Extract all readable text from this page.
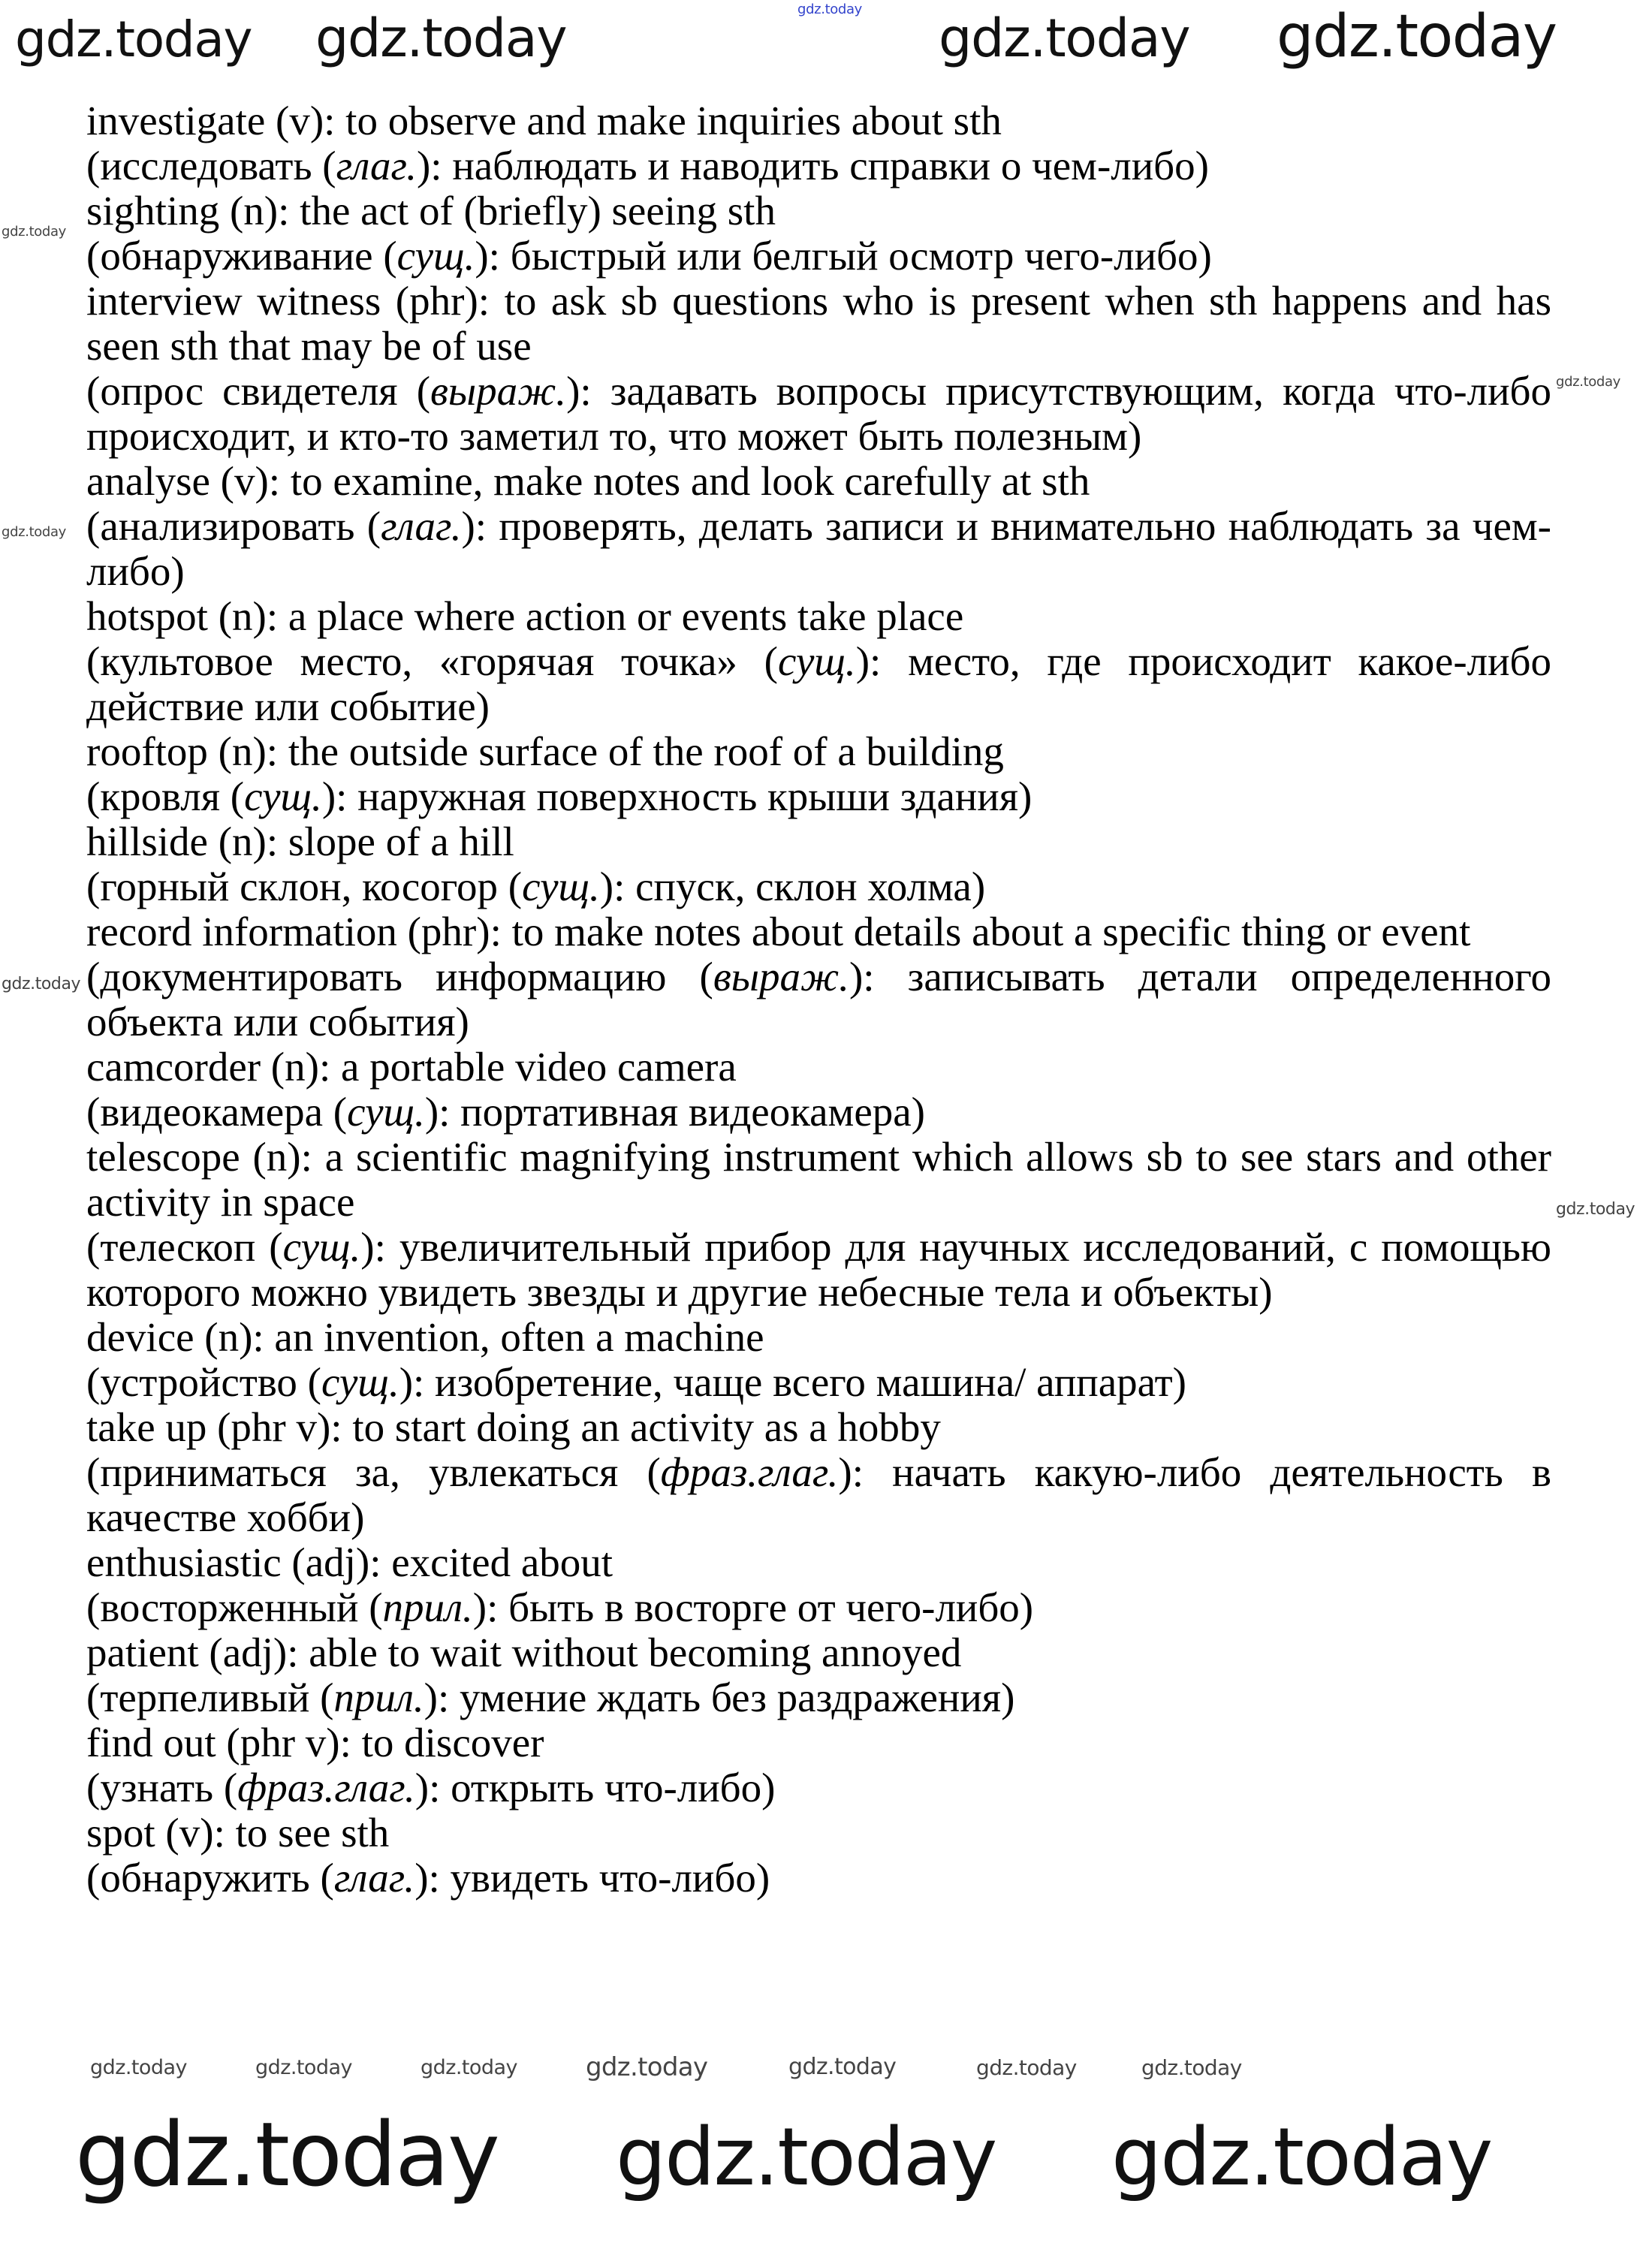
investigate (v): to observe and make inquiries about sth

(исследовать (глаг.): наблюдать и наводить справки о чем-либо)

sighting (n): the act of (briefly) seeing sth

(обнаруживание (сущ.): быстрый или белгый осмотр чего-либо)

interview witness (phr): to ask sb questions who is present when sth happens and has seen sth that may be of use

(опрос свидетеля (выраж.): задавать вопросы присутствующим, когда что-либо происходит, и кто-то заметил то, что может быть полезным)

analyse (v): to examine, make notes and look carefully at sth

(анализировать (глаг.): проверять, делать записи и внимательно наблюдать за чем-либо)

hotspot (n): a place where action or events take place

(культовое место, «горячая точка» (сущ.): место, где происходит какое-либо действие или событие)

rooftop (n): the outside surface of the roof of a building

(кровля (сущ.): наружная поверхность крыши здания)

hillside (n): slope of a hill

(горный склон, косогор (сущ.): спуск, склон холма)

record information (phr): to make notes about details about a specific thing or event

(документировать информацию (выраж.): записывать детали определенного объекта или события)

camcorder (n): a portable video camera

(видеокамера (сущ.): портативная видеокамера)

telescope (n): a scientific magnifying instrument which allows sb to see stars and other activity in space

(телескоп (сущ.): увеличительный прибор для научных исследований, с помощью которого можно увидеть звезды и другие небесные тела и объекты)

device (n): an invention, often a machine

(устройство (сущ.): изобретение, чаще всего машина/ аппарат)

take up (phr v): to start doing an activity as a hobby

(приниматься за, увлекаться (фраз.глаг.): начать какую-либо деятельность в качестве хобби)

enthusiastic (adj): excited about

(восторженный (прил.): быть в восторге от чего-либо)

patient (adj): able to wait without becoming annoyed

(терпеливый (прил.): умение ждать без раздражения)

find out (phr v): to discover

(узнать (фраз.глаг.): открыть что-либо)

spot (v): to see sth

(обнаружить (глаг.): увидеть что-либо)

gdz.today
gdz.today gdz.today	gdz.today gdz.today
gdz.today
gdz.today
gdz.today
gdz.today
gdz.today
gdz.today	gdz.today	gdz.today	gdz.today	gdz.today	gdz.today	gdz.today
gdz.today gdz.today gdz.today
